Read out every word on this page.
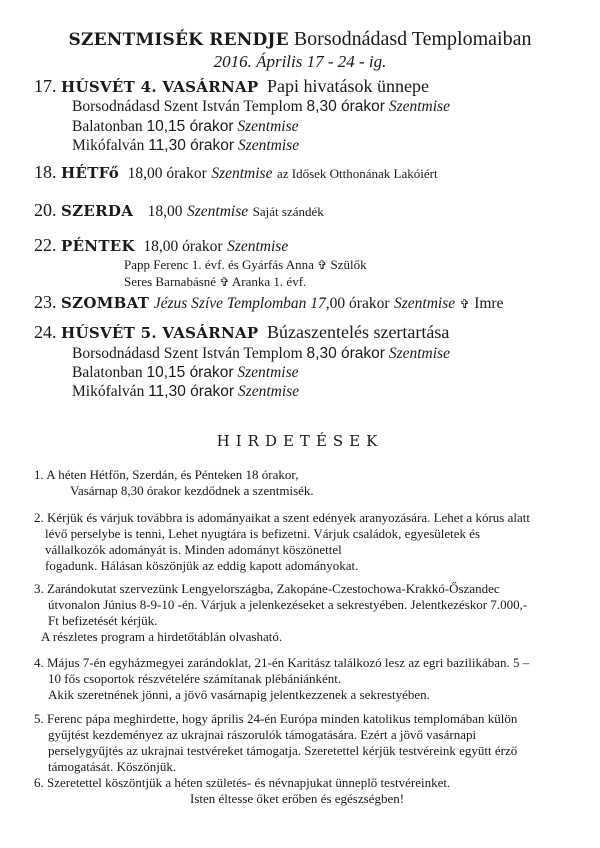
SZENTMISÉK RENDJE Borsodnádasd Templomaiban
2016. Április 17 - 24 - ig.
17. HÚSVÉT 4. VASÁRNAP Papi hivatások ünnepe
Borsodnádasd Szent István Templom 8,30 órakor Szentmise
Balatonban 10,15 órakor Szentmise
Mikófalván 11,30 órakor Szentmise
18. HÉTFő 18,00 órakor Szentmise az Idősek Otthonának Lakóiért
20. SZERDA 18,00 Szentmise Saját szándék
22. PÉNTEK 18,00 órakor Szentmise
Papp Ferenc 1. évf. és Gyárfás Anna ✞ Szülők
Seres Barnabásné ✞ Aranka 1. évf.
23. SZOMBAT Jézus Szíve Templomban 17,00 órakor Szentmise ✞ Imre
24. HÚSVÉT 5. VASÁRNAP Búzaszentelés szertartása
Borsodnádasd Szent István Templom 8,30 órakor Szentmise
Balatonban 10,15 órakor Szentmise
Mikófalván 11,30 órakor Szentmise
HIRDETÉSEK

1. A héten Hétfőn, Szerdán, és Pénteken 18 órakor,

Vasárnap 8,30 órakor kezdődnek a szentmisék.

2. Kérjük és várjuk továbbra is adományaikat a szent edények aranyozására. Lehet a kórus alatt

lévő perselybe is tenni, Lehet nyugtára is befizetni. Várjuk családok, egyesületek és

vállalkozók adományát is. Minden adományt köszönettel

fogadunk. Hálásan köszönjük az eddig kapott adományokat.

3. Zarándokutat szervezünk Lengyelországba, Zakopáne-Czestochowa-Krakkó-Őszandec

útvonalon Június 8-9-10 -én. Várjuk a jelenkezéseket a sekrestyében. Jelentkezéskor 7.000,-

Ft befizetését kérjük.

A részletes program a hirdetőtáblán olvasható.

4. Május 7-én egyházmegyei zarándoklat, 21-én Karitász találkozó lesz az egri bazilikában. 5 –

10 fős csoportok részvételére számítanak plébániánként.

Akik szeretnének jönni, a jövő vasárnapig jelentkezzenek a sekrestyében.

5. Ferenc pápa meghirdette, hogy április 24-én Európa minden katolikus templomában külön

gyűjtést kezdeményez az ukrajnai rászorulók támogatására. Ezért a jövő vasárnapi

perselygyűjtés az ukrajnai testvéreket támogatja. Szeretettel kérjük testvéreink együtt érző

támogatását. Köszönjük.

6. Szeretettel köszöntjük a héten születés- és névnapjukat ünneplő testvéreinket.

Isten éltesse őket erőben és egészségben!
